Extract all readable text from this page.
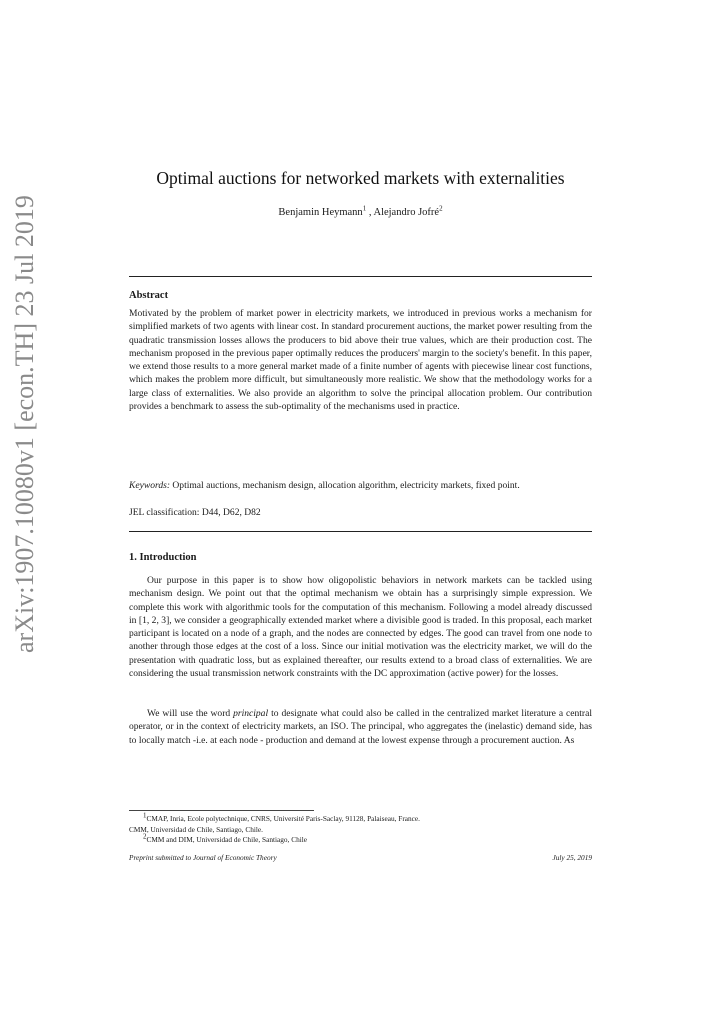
arXiv:1907.10080v1 [econ.TH] 23 Jul 2019
Optimal auctions for networked markets with externalities
Benjamin Heymann$^1$ , Alejandro Jofré$^2$
Abstract

Motivated by the problem of market power in electricity markets, we introduced in previous works a mechanism for simplified markets of two agents with linear cost. In standard procurement auctions, the market power resulting from the quadratic transmission losses allows the producers to bid above their true values, which are their production cost. The mechanism proposed in the previous paper optimally reduces the producers' margin to the society's benefit. In this paper, we extend those results to a more general market made of a finite number of agents with piecewise linear cost functions, which makes the problem more difficult, but simultaneously more realistic. We show that the methodology works for a large class of externalities. We also provide an algorithm to solve the principal allocation problem. Our contribution provides a benchmark to assess the sub-optimality of the mechanisms used in practice.

Keywords: Optimal auctions, mechanism design, allocation algorithm, electricity markets, fixed point.

JEL classification: D44, D62, D82

1. Introduction

Our purpose in this paper is to show how oligopolistic behaviors in network markets can be tackled using mechanism design. We point out that the optimal mechanism we obtain has a surprisingly simple expression. We complete this work with algorithmic tools for the computation of this mechanism. Following a model already discussed in [1, 2, 3], we consider a geographically extended market where a divisible good is traded. In this proposal, each market participant is located on a node of a graph, and the nodes are connected by edges. The good can travel from one node to another through those edges at the cost of a loss. Since our initial motivation was the electricity market, we will do the presentation with quadratic loss, but as explained thereafter, our results extend to a broad class of externalities. We are considering the usual transmission network constraints with the DC approximation (active power) for the losses.

We will use the word principal to designate what could also be called in the centralized market literature a central operator, or in the context of electricity markets, an ISO. The principal, who aggregates the (inelastic) demand side, has to locally match -i.e. at each node - production and demand at the lowest expense through a procurement auction. As

$^1$CMAP, Inria, Ecole polytechnique, CNRS, Université Paris-Saclay, 91128, Palaiseau, France.
CMM, Universidad de Chile, Santiago, Chile.
$^2$CMM and DIM, Universidad de Chile, Santiago, Chile
Preprint submitted to Journal of Economic Theory	July 25, 2019
